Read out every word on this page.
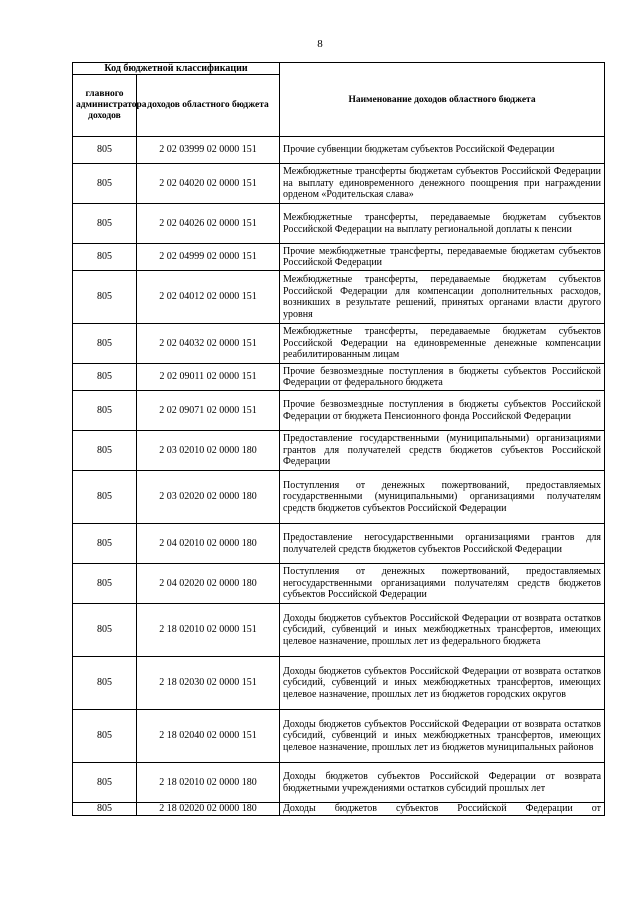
8
Код бюджетной классификации		Наименование доходов областного бюджета
главного администратора доходов	доходов областного бюджета	
805	2 02 03999 02 0000 151	Прочие субвенции бюджетам субъектов Российской Федерации
805	2 02 04020 02 0000 151	Межбюджетные трансферты бюджетам субъектов Российской Федерации на выплату единовременного денежного поощрения при награждении орденом «Родительская слава»
805	2 02 04026 02 0000 151	Межбюджетные трансферты, передаваемые бюджетам субъектов Российской Федерации на выплату региональной доплаты к пенсии
805	2 02 04999 02 0000 151	Прочие межбюджетные трансферты, передаваемые бюджетам субъектов Российской Федерации
805	2 02 04012 02 0000 151	Межбюджетные трансферты, передаваемые бюджетам субъектов Российской Федерации для компенсации дополнительных расходов, возникших в результате решений, принятых органами власти другого уровня
805	2 02 04032 02 0000 151	Межбюджетные трансферты, передаваемые бюджетам субъектов Российской Федерации на единовременные денежные компенсации реабилитированным лицам
805	2 02 09011 02 0000 151	Прочие безвозмездные поступления в бюджеты субъектов Российской Федерации от федерального бюджета
805	2 02 09071 02 0000 151	Прочие безвозмездные поступления в бюджеты субъектов Российской Федерации от бюджета Пенсионного фонда Российской Федерации
805	2 03 02010 02 0000 180	Предоставление государственными (муниципальными) организациями грантов для получателей средств бюджетов субъектов Российской Федерации
805	2 03 02020 02 0000 180	Поступления от денежных пожертвований, предоставляемых государственными (муниципальными) организациями получателям средств бюджетов субъектов Российской Федерации
805	2 04 02010 02 0000 180	Предоставление негосударственными организациями грантов для получателей средств бюджетов субъектов Российской Федерации
805	2 04 02020 02 0000 180	Поступления от денежных пожертвований, предоставляемых негосударственными организациями получателям средств бюджетов субъектов Российской Федерации
805	2 18 02010 02 0000 151	Доходы бюджетов субъектов Российской Федерации от возврата остатков субсидий, субвенций и иных межбюджетных трансфертов, имеющих целевое назначение, прошлых лет из федерального бюджета
805	2 18 02030 02 0000 151	Доходы бюджетов субъектов Российской Федерации от возврата остатков субсидий, субвенций и иных межбюджетных трансфертов, имеющих целевое назначение, прошлых лет из бюджетов городских округов
805	2 18 02040 02 0000 151	Доходы бюджетов субъектов Российской Федерации от возврата остатков субсидий, субвенций и иных межбюджетных трансфертов, имеющих целевое назначение, прошлых лет из бюджетов муниципальных районов
805	2 18 02010 02 0000 180	Доходы бюджетов субъектов Российской Федерации от возврата бюджетными учреждениями остатков субсидий прошлых лет
805	2 18 02020 02 0000 180	Доходы бюджетов субъектов Российской Федерации от
